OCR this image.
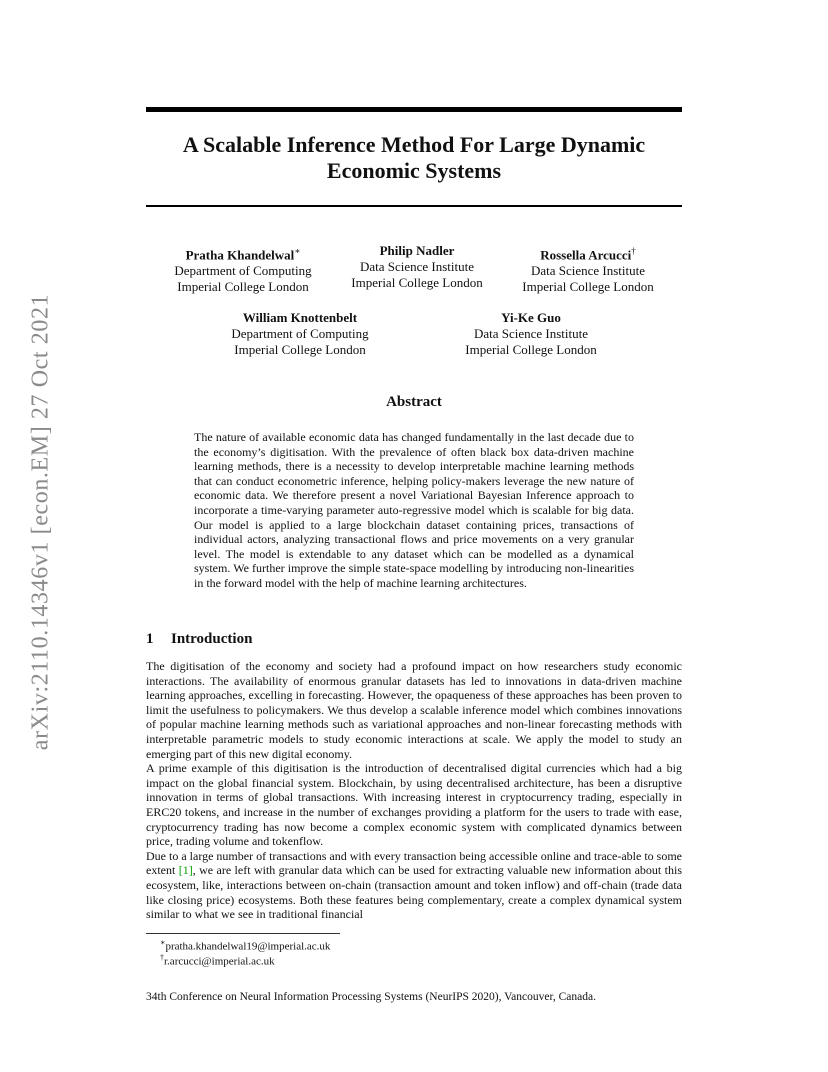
arXiv:2110.14346v1 [econ.EM] 27 Oct 2021
A Scalable Inference Method For Large Dynamic Economic Systems
Pratha Khandelwal∗
Department of Computing
Imperial College London
Philip Nadler
Data Science Institute
Imperial College London
Rossella Arcucci†
Data Science Institute
Imperial College London
William Knottenbelt
Department of Computing
Imperial College London
Yi-Ke Guo
Data Science Institute
Imperial College London
Abstract
The nature of available economic data has changed fundamentally in the last decade due to the economy’s digitisation. With the prevalence of often black box data-driven machine learning methods, there is a necessity to develop interpretable machine learning methods that can conduct econometric inference, helping policy-makers leverage the new nature of economic data. We therefore present a novel Variational Bayesian Inference approach to incorporate a time-varying parameter auto-regressive model which is scalable for big data. Our model is applied to a large blockchain dataset containing prices, transactions of individual actors, analyzing transactional flows and price movements on a very granular level. The model is extendable to any dataset which can be modelled as a dynamical system. We further improve the simple state-space modelling by introducing non-linearities in the forward model with the help of machine learning architectures.
1 Introduction

The digitisation of the economy and society had a profound impact on how researchers study economic interactions. The availability of enormous granular datasets has led to innovations in data-driven machine learning approaches, excelling in forecasting. However, the opaqueness of these approaches has been proven to limit the usefulness to policymakers. We thus develop a scalable inference model which combines innovations of popular machine learning methods such as variational approaches and non-linear forecasting methods with interpretable parametric models to study economic interactions at scale. We apply the model to study an emerging part of this new digital economy.

A prime example of this digitisation is the introduction of decentralised digital currencies which had a big impact on the global financial system. Blockchain, by using decentralised architecture, has been a disruptive innovation in terms of global transactions. With increasing interest in cryptocurrency trading, especially in ERC20 tokens, and increase in the number of exchanges providing a platform for the users to trade with ease, cryptocurrency trading has now become a complex economic system with complicated dynamics between price, trading volume and tokenflow.

Due to a large number of transactions and with every transaction being accessible online and trace-able to some extent [1], we are left with granular data which can be used for extracting valuable new information about this ecosystem, like, interactions between on-chain (transaction amount and token inflow) and off-chain (trade data like closing price) ecosystems. Both these features being complementary, create a complex dynamical system similar to what we see in traditional financial

∗pratha.khandelwal19@imperial.ac.uk
†r.arcucci@imperial.ac.uk
34th Conference on Neural Information Processing Systems (NeurIPS 2020), Vancouver, Canada.
